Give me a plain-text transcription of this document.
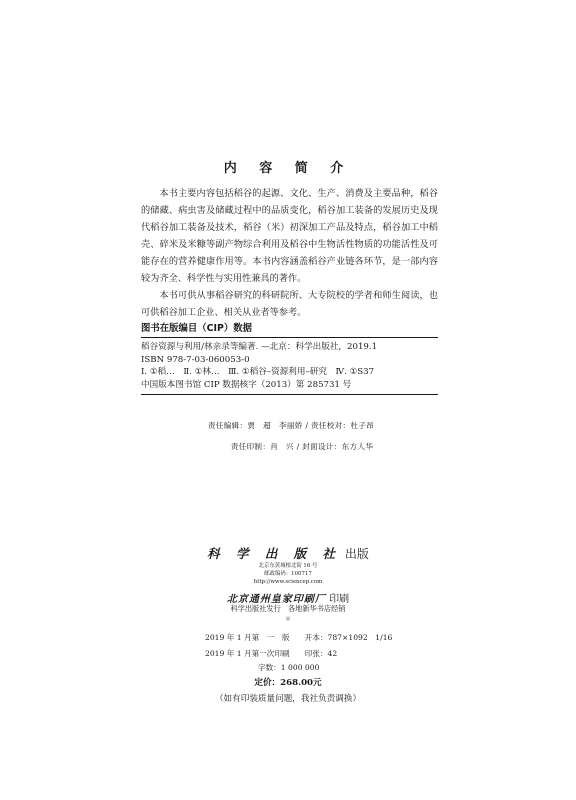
内 容 简 介

本书主要内容包括稻谷的起源、文化、生产、消费及主要品种，稻谷的储藏、病虫害及储藏过程中的品质变化，稻谷加工装备的发展历史及现代稻谷加工装备及技术，稻谷（米）初深加工产品及特点，稻谷加工中稻壳、碎米及米糠等副产物综合利用及稻谷中生物活性物质的功能活性及可能存在的营养健康作用等。本书内容涵盖稻谷产业链各环节，是一部内容较为齐全、科学性与实用性兼具的著作。

本书可供从事稻谷研究的科研院所、大专院校的学者和师生阅读，也可供稻谷加工企业、相关从业者等参考。

图书在版编目（CIP）数据
稻谷资源与利用/林亲录等编著. —北京：科学出版社，2019.1
ISBN 978-7-03-060053-0
Ⅰ. ①稻…　Ⅱ. ①林…　Ⅲ. ①稻谷–资源利用–研究　Ⅳ. ①S37
中国版本图书馆 CIP 数据核字（2013）第 285731 号
责任编辑：贾　超　李丽娇 / 责任校对：杜子昂
责任印制：肖　兴 / 封面设计：东方人华
科 学 出 版 社 出版
北京东黄城根北街 16 号
邮政编码：100717
http://www.sciencep.com
北京通州皇家印刷厂 印刷
科学出版社发行　各地新华书店经销
＊
2019 年 1 月第　一　版　　开本：787×1092　1/16
2019 年 1 月第一次印刷　　印张：42
字数：1 000 000
定价：268.00元
（如有印装质量问题，我社负责调换）
